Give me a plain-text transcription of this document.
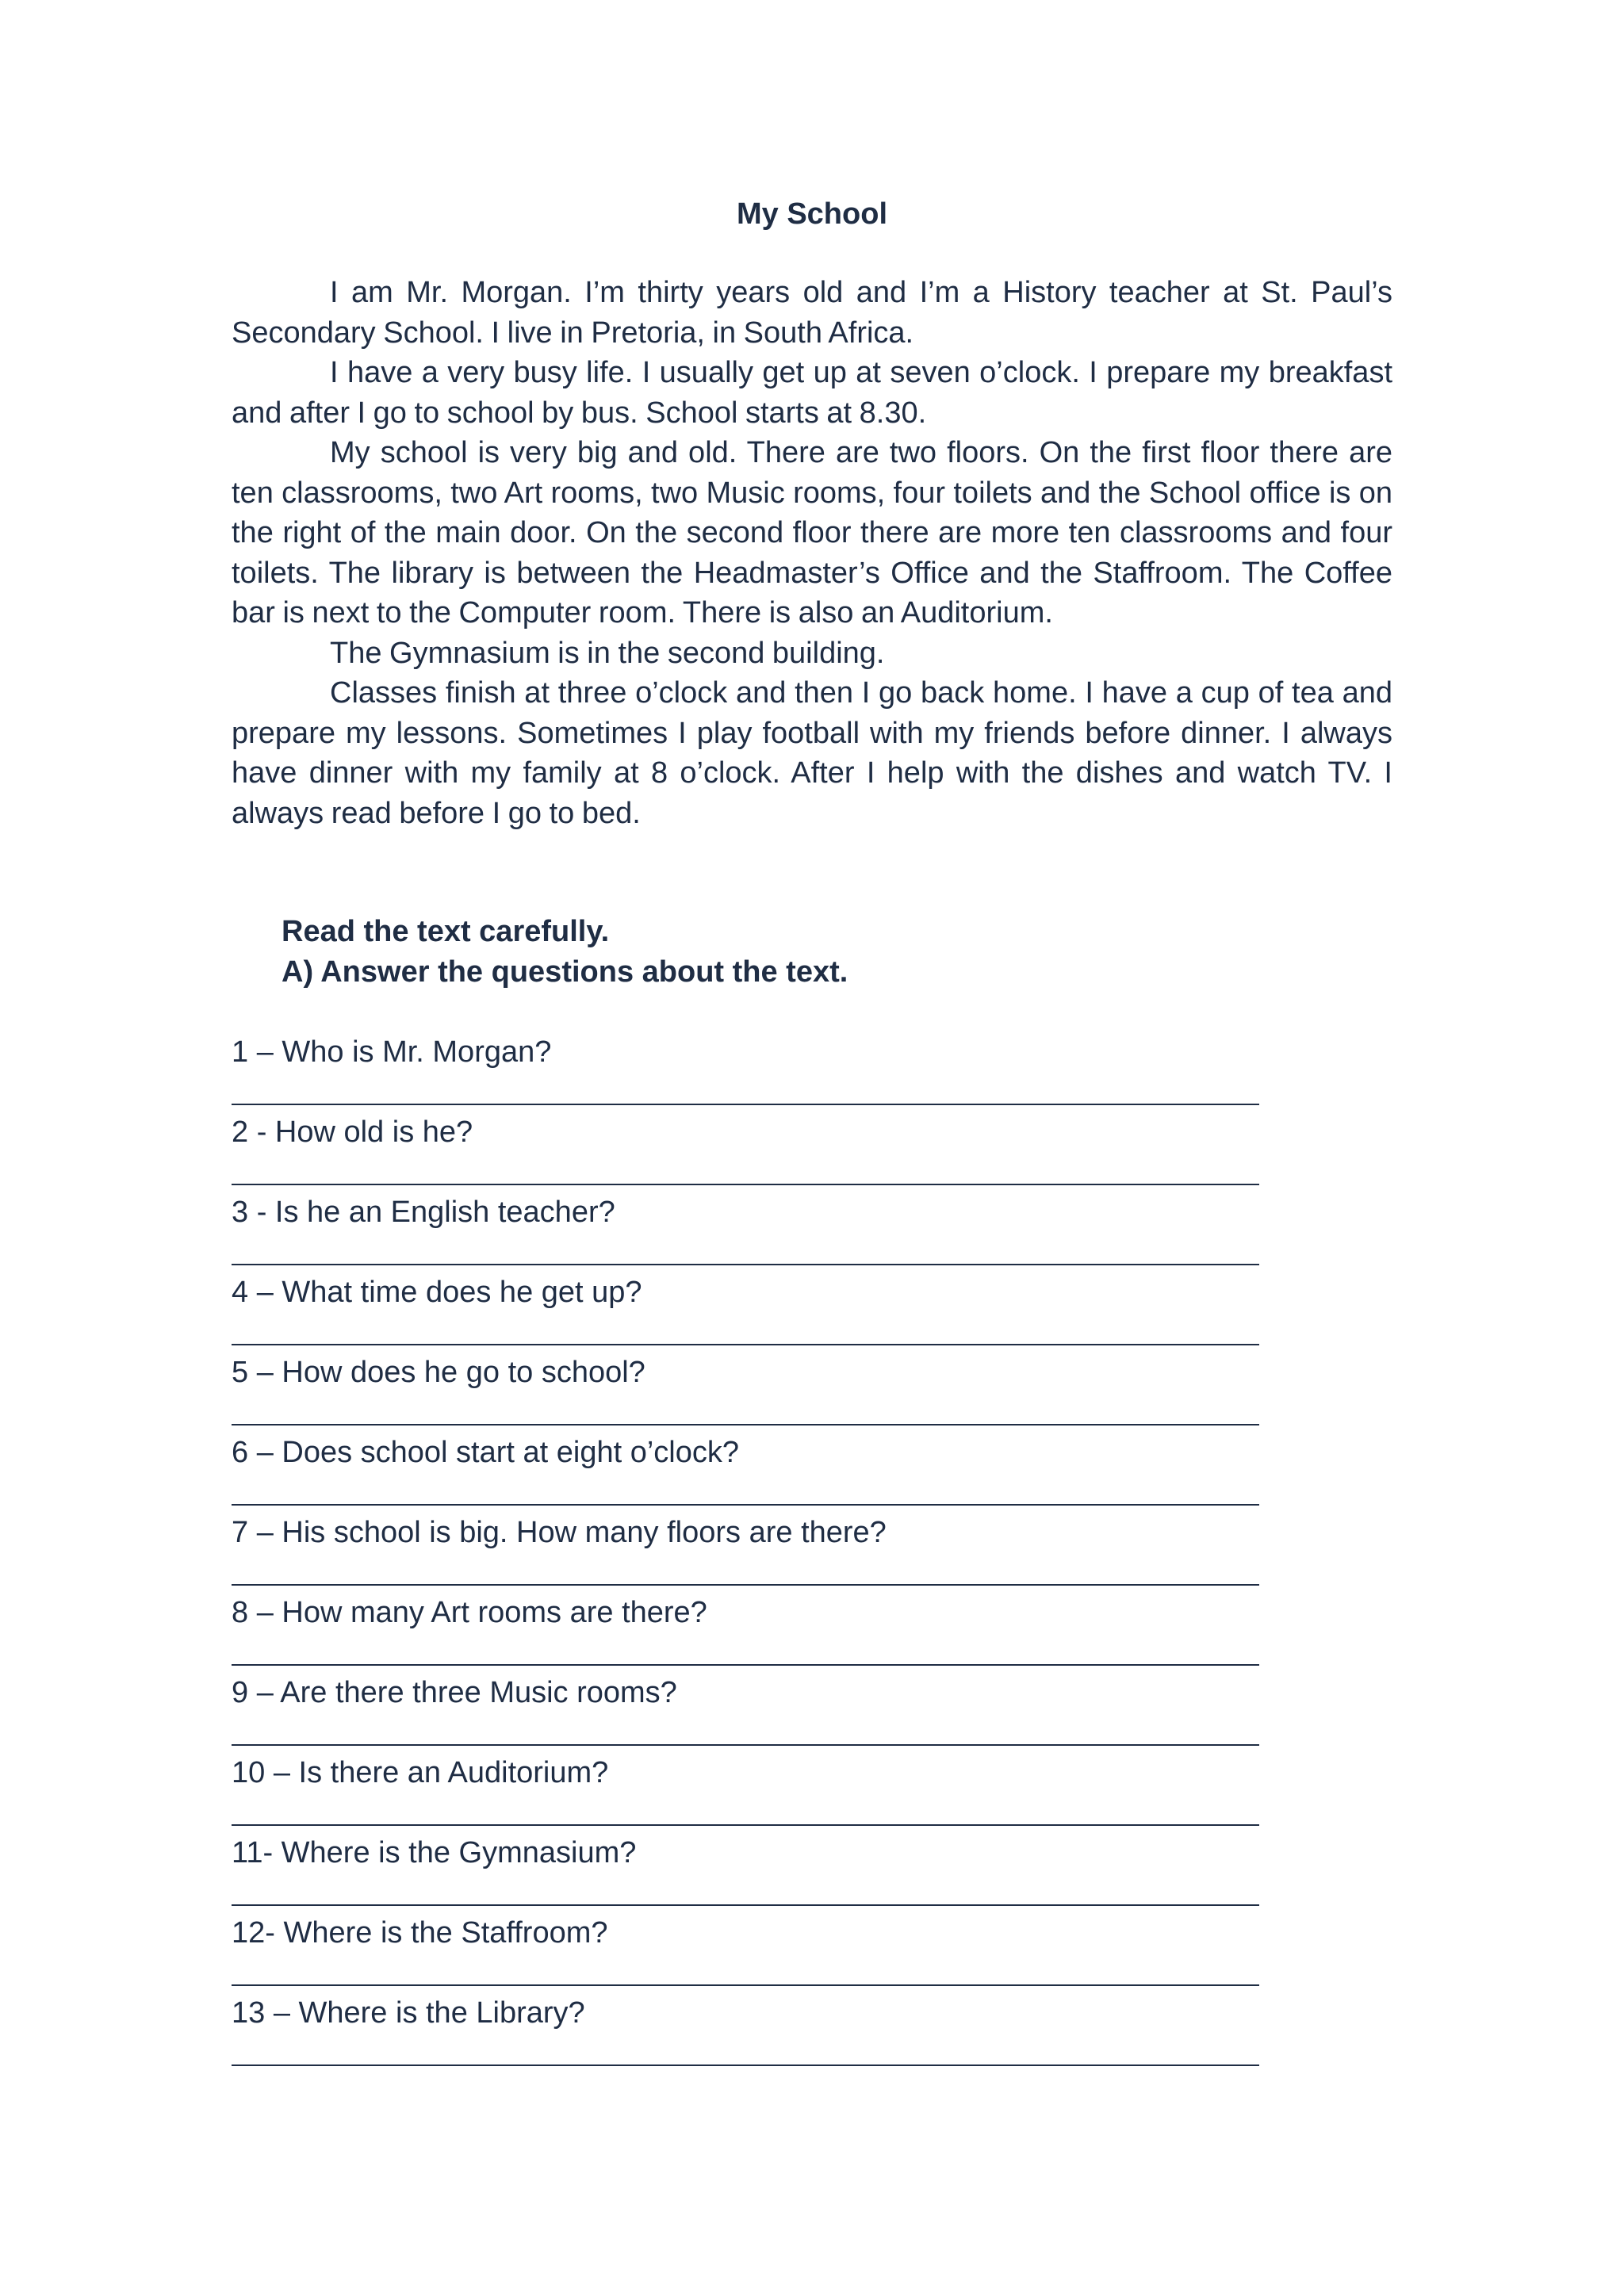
My School

I am Mr. Morgan. I’m thirty years old and I’m a History teacher at St. Paul’s Secondary School. I live in Pretoria, in South Africa.

I have a very busy life. I usually get up at seven o’clock. I prepare my breakfast and after I go to school by bus. School starts at 8.30.

My school is very big and old. There are two floors. On the first floor there are ten classrooms, two Art rooms, two Music rooms, four toilets and the School office is on the right of the main door. On the second floor there are more ten classrooms and four toilets. The library is between the Headmaster’s Office and the Staffroom. The Coffee bar is next to the Computer room. There is also an Auditorium.

The Gymnasium is in the second building.

Classes finish at three o’clock and then I go back home. I have a cup of tea and prepare my lessons. Sometimes I play football with my friends before dinner. I always have dinner with my family at 8 o’clock. After I help with the dishes and watch TV. I always read before I go to bed.

Read the text carefully.
A) Answer the questions about the text.
1 – Who is Mr. Morgan?
2 - How old is he?
3 - Is he an English teacher?
4 – What time does he get up?
5 – How does he go to school?
6 – Does school start at eight o’clock?
7 – His school is big. How many floors are there?
8 – How many Art rooms are there?
9 – Are there three Music rooms?
10 – Is there an Auditorium?
11- Where is the Gymnasium?
12- Where is the Staffroom?
13 – Where is the Library?
